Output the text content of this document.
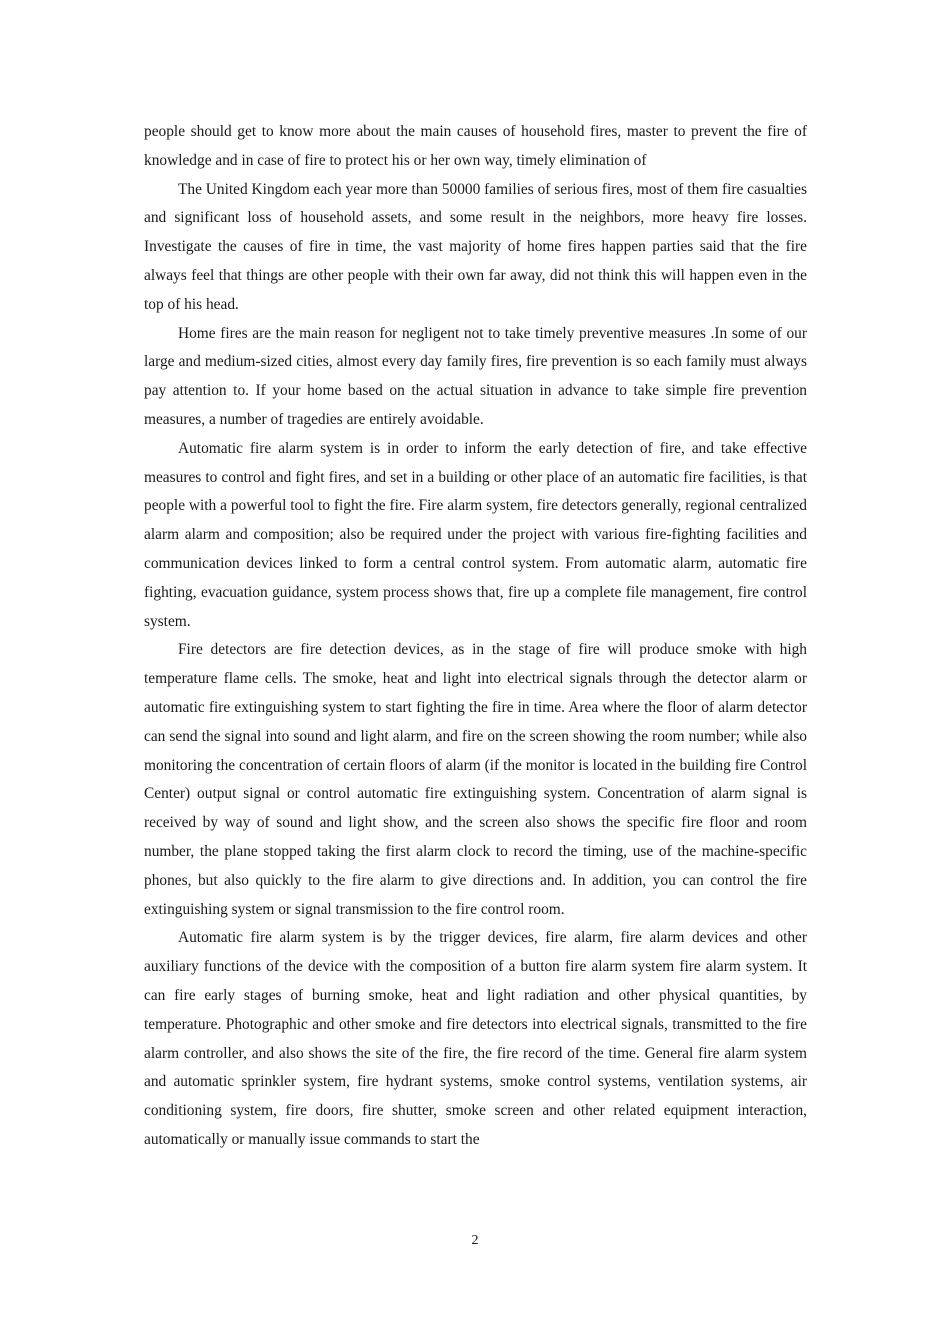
people should get to know more about the main causes of household fires, master to prevent the fire of knowledge and in case of fire to protect his or her own way, timely elimination of

The United Kingdom each year more than 50000 families of serious fires, most of them fire casualties and significant loss of household assets, and some result in the neighbors, more heavy fire losses. Investigate the causes of fire in time, the vast majority of home fires happen parties said that the fire always feel that things are other people with their own far away, did not think this will happen even in the top of his head.

Home fires are the main reason for negligent not to take timely preventive measures .In some of our large and medium-sized cities, almost every day family fires, fire prevention is so each family must always pay attention to. If your home based on the actual situation in advance to take simple fire prevention measures, a number of tragedies are entirely avoidable.

Automatic fire alarm system is in order to inform the early detection of fire, and take effective measures to control and fight fires, and set in a building or other place of an automatic fire facilities, is that people with a powerful tool to fight the fire. Fire alarm system, fire detectors generally, regional centralized alarm alarm and composition; also be required under the project with various fire-fighting facilities and communication devices linked to form a central control system. From automatic alarm, automatic fire fighting, evacuation guidance, system process shows that, fire up a complete file management, fire control system.

Fire detectors are fire detection devices, as in the stage of fire will produce smoke with high temperature flame cells. The smoke, heat and light into electrical signals through the detector alarm or automatic fire extinguishing system to start fighting the fire in time. Area where the floor of alarm detector can send the signal into sound and light alarm, and fire on the screen showing the room number; while also monitoring the concentration of certain floors of alarm (if the monitor is located in the building fire Control Center) output signal or control automatic fire extinguishing system. Concentration of alarm signal is received by way of sound and light show, and the screen also shows the specific fire floor and room number, the plane stopped taking the first alarm clock to record the timing, use of the machine-specific phones, but also quickly to the fire alarm to give directions and. In addition, you can control the fire extinguishing system or signal transmission to the fire control room.

Automatic fire alarm system is by the trigger devices, fire alarm, fire alarm devices and other auxiliary functions of the device with the composition of a button fire alarm system fire alarm system. It can fire early stages of burning smoke, heat and light radiation and other physical quantities, by temperature. Photographic and other smoke and fire detectors into electrical signals, transmitted to the fire alarm controller, and also shows the site of the fire, the fire record of the time. General fire alarm system and automatic sprinkler system, fire hydrant systems, smoke control systems, ventilation systems, air conditioning system, fire doors, fire shutter, smoke screen and other related equipment interaction, automatically or manually issue commands to start the

2
